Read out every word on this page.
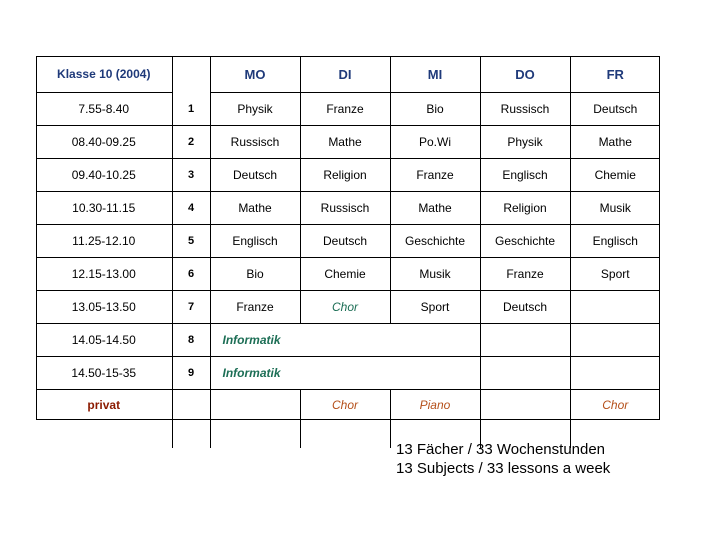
Klasse 10 (2004)		MO	DI	MI	DO	FR
7.55-8.40	1	Physik	Franze	Bio	Russisch	Deutsch
08.40-09.25	2	Russisch	Mathe	Po.Wi	Physik	Mathe
09.40-10.25	3	Deutsch	Religion	Franze	Englisch	Chemie
10.30-11.15	4	Mathe	Russisch	Mathe	Religion	Musik
11.25-12.10	5	Englisch	Deutsch	Geschichte	Geschichte	Englisch
12.15-13.00	6	Bio	Chemie	Musik	Franze	Sport
13.05-13.50	7	Franze	Chor	Sport	Deutsch	
14.05-14.50	8	Informatik				
14.50-15-35	9	Informatik				
privat			Chor	Piano		Chor
13 Fächer / 33 Wochenstunden
13 Subjects / 33 lessons a week
